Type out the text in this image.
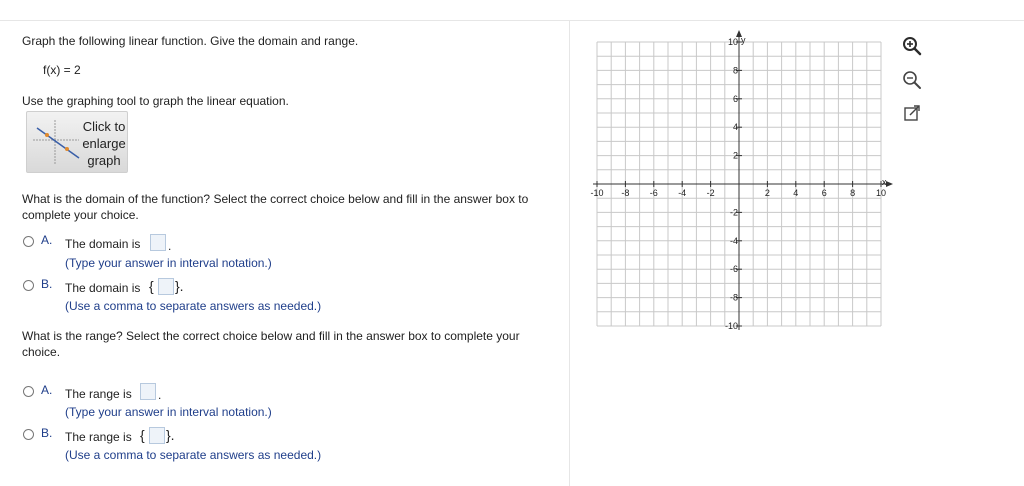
Graph the following linear function. Give the domain and range.
f(x) = 2
Use the graphing tool to graph the linear equation.
Click to
enlarge
graph
What is the domain of the function? Select the correct choice below and fill in the answer box to complete your choice.
A. The domain is .
(Type your answer in interval notation.)
B. The domain is { }.
(Use a comma to separate answers as needed.)
What is the range? Select the correct choice below and fill in the answer box to complete your choice.
A. The range is .
(Type your answer in interval notation.)
B. The range is { }.
(Use a comma to separate answers as needed.)
-10 -8 -6 -4 -2	2	4	6	8 10
10
8
6
4
2
-2
-4
-6
-8
-10
x
y
